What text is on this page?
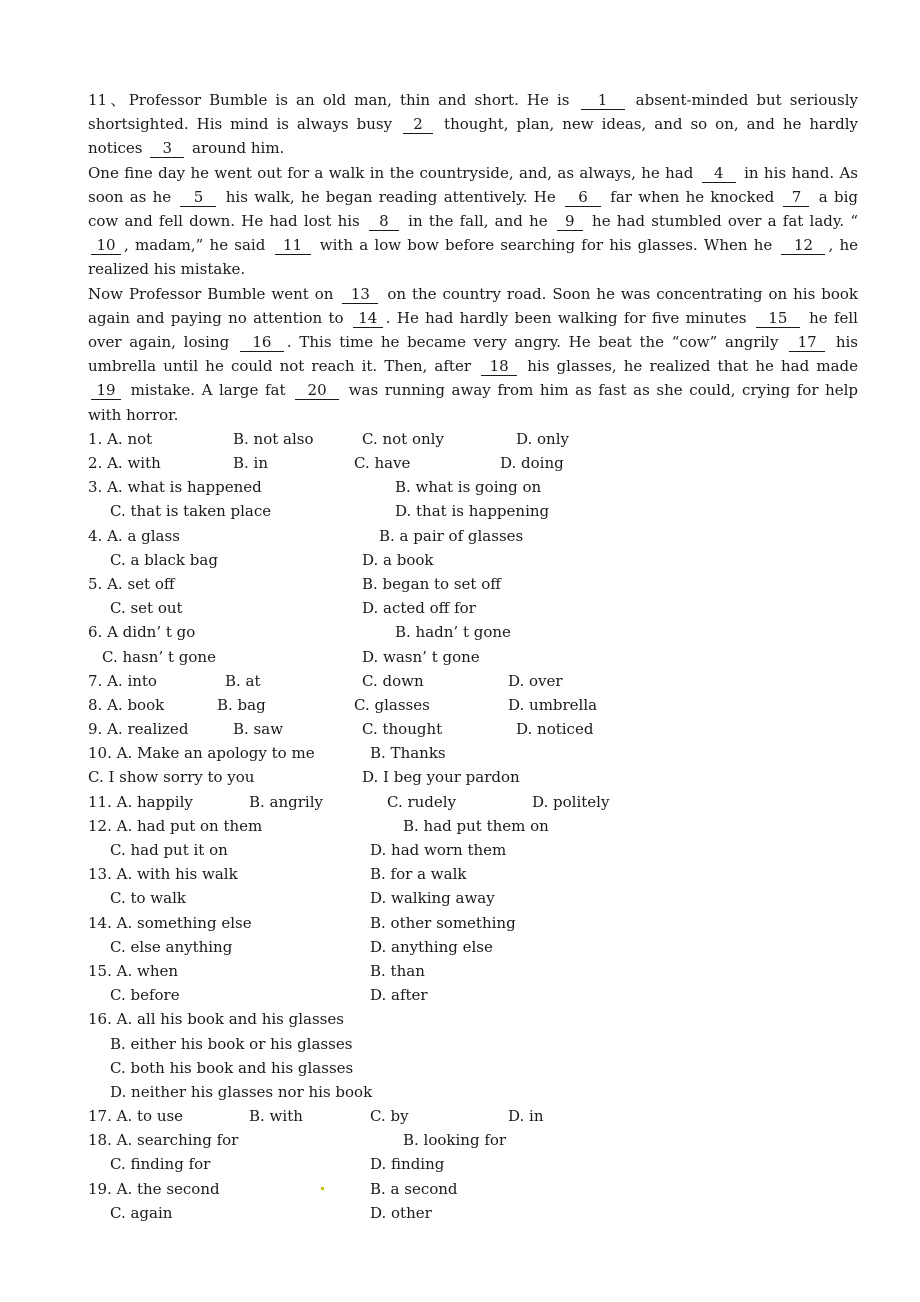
11、Professor Bumble is an old man, thin and short. He is 1 absent-minded but seriously shortsighted. His mind is always busy 2 thought, plan, new ideas, and so on, and he hardly notices 3 around him.

One fine day he went out for a walk in the countryside, and, as always, he had 4 in his hand. As soon as he 5 his walk, he began reading attentively. He 6 far when he knocked 7 a big cow and fell down. He had lost his 8 in the fall, and he 9 he had stumbled over a fat lady. “10 , madam,” he said 11 with a low bow before searching for his glasses. When he 12 , he realized his mistake.

Now Professor Bumble went on 13 on the country road. Soon he was concentrating on his book again and paying no attention to 14 . He had hardly been walking for five minutes 15 he fell over again, losing 16 . This time he became very angry. He beat the “cow” angrily 17 his umbrella until he could not reach it. Then, after 18 his glasses, he realized that he had made 19 mistake. A large fat 20 was running away from him as fast as she could, crying for help with horror.

1. A. not	B. not also	C. not only	D. only
2. A. with	B. in	C. have	D. doing
3. A. what is happened	B. what is going on
C. that is taken place	D. that is happening
4. A. a glass	B. a pair of glasses
C. a black bag	D. a book
5. A. set off	B. began to set off
C. set out	D. acted off for
6. A didn’ t go	B. hadn’ t gone
C. hasn’ t gone	D. wasn’ t gone
7. A. into	B. at	C. down	D. over
8. A. book	B. bag	C. glasses	D. umbrella
9. A. realized	B. saw	C. thought	D. noticed
10. A. Make an apology to me	B. Thanks
C. I show sorry to you	D. I beg your pardon
11. A. happily	B. angrily	C. rudely	D. politely
12. A. had put on them	B. had put them on
C. had put it on	D. had worn them
13. A. with his walk	B. for a walk
C. to walk	D. walking away
14. A. something else	B. other something
C. else anything	D. anything else
15. A. when	B. than
C. before	D. after
16. A. all his book and his glasses
B. either his book or his glasses
C. both his book and his glasses
D. neither his glasses nor his book
17. A. to use	B. with	C. by	D. in
18. A. searching for	B. looking for
C. finding for	D. finding
19. A. the second	B. a second
C. again	D. other
